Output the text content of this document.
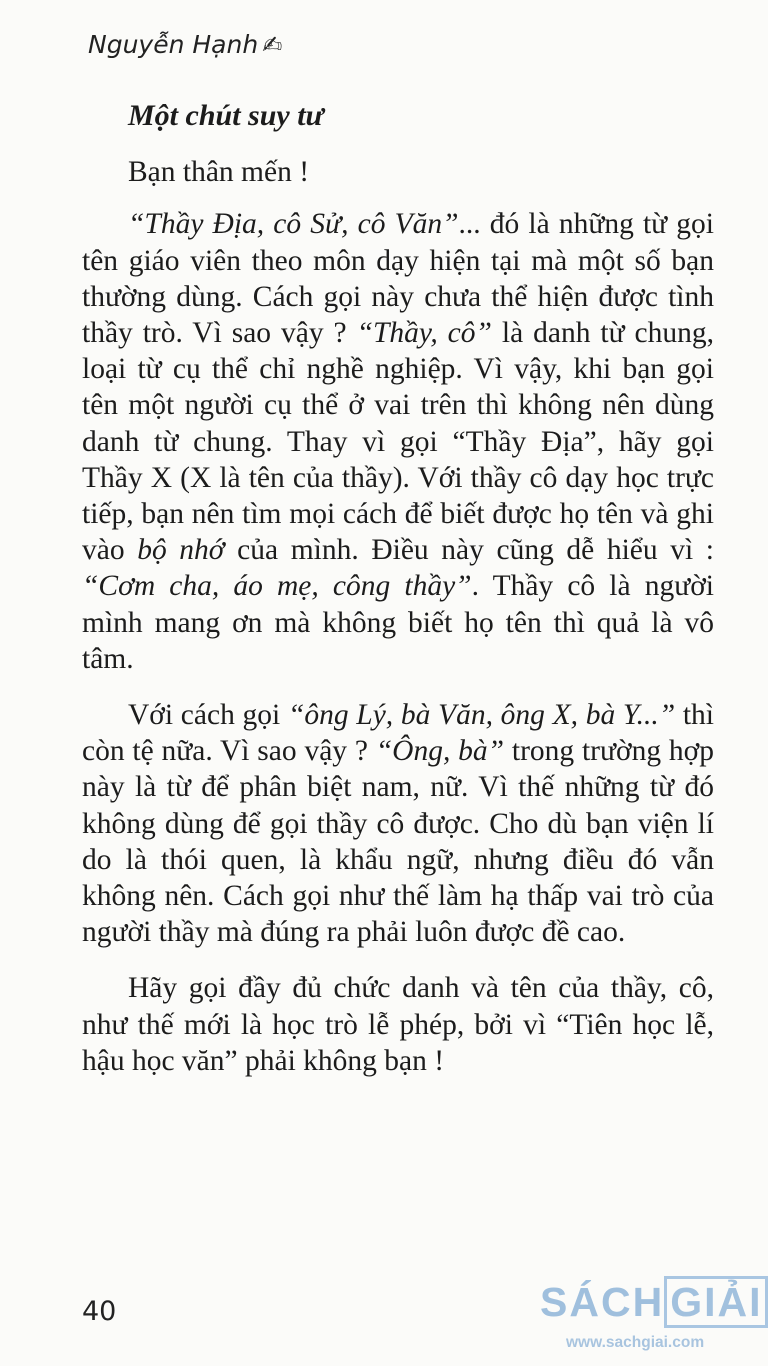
Nguyễn Hạnh ✍
Một chút suy tư
Bạn thân mến !

“Thầy Địa, cô Sử, cô Văn”... đó là những từ gọi tên giáo viên theo môn dạy hiện tại mà một số bạn thường dùng. Cách gọi này chưa thể hiện được tình thầy trò. Vì sao vậy ? “Thầy, cô” là danh từ chung, loại từ cụ thể chỉ nghề nghiệp. Vì vậy, khi bạn gọi tên một người cụ thể ở vai trên thì không nên dùng danh từ chung. Thay vì gọi “Thầy Địa”, hãy gọi Thầy X (X là tên của thầy). Với thầy cô dạy học trực tiếp, bạn nên tìm mọi cách để biết được họ tên và ghi vào bộ nhớ của mình. Điều này cũng dễ hiểu vì : “Cơm cha, áo mẹ, công thầy”. Thầy cô là người mình mang ơn mà không biết họ tên thì quả là vô tâm.

Với cách gọi “ông Lý, bà Văn, ông X, bà Y...” thì còn tệ nữa. Vì sao vậy ? “Ông, bà” trong trường hợp này là từ để phân biệt nam, nữ. Vì thế những từ đó không dùng để gọi thầy cô được. Cho dù bạn viện lí do là thói quen, là khẩu ngữ, nhưng điều đó vẫn không nên. Cách gọi như thế làm hạ thấp vai trò của người thầy mà đúng ra phải luôn được đề cao.

Hãy gọi đầy đủ chức danh và tên của thầy, cô, như thế mới là học trò lễ phép, bởi vì “Tiên học lễ, hậu học văn” phải không bạn !

40	SÁCH GIẢI
www.sachgiai.com
